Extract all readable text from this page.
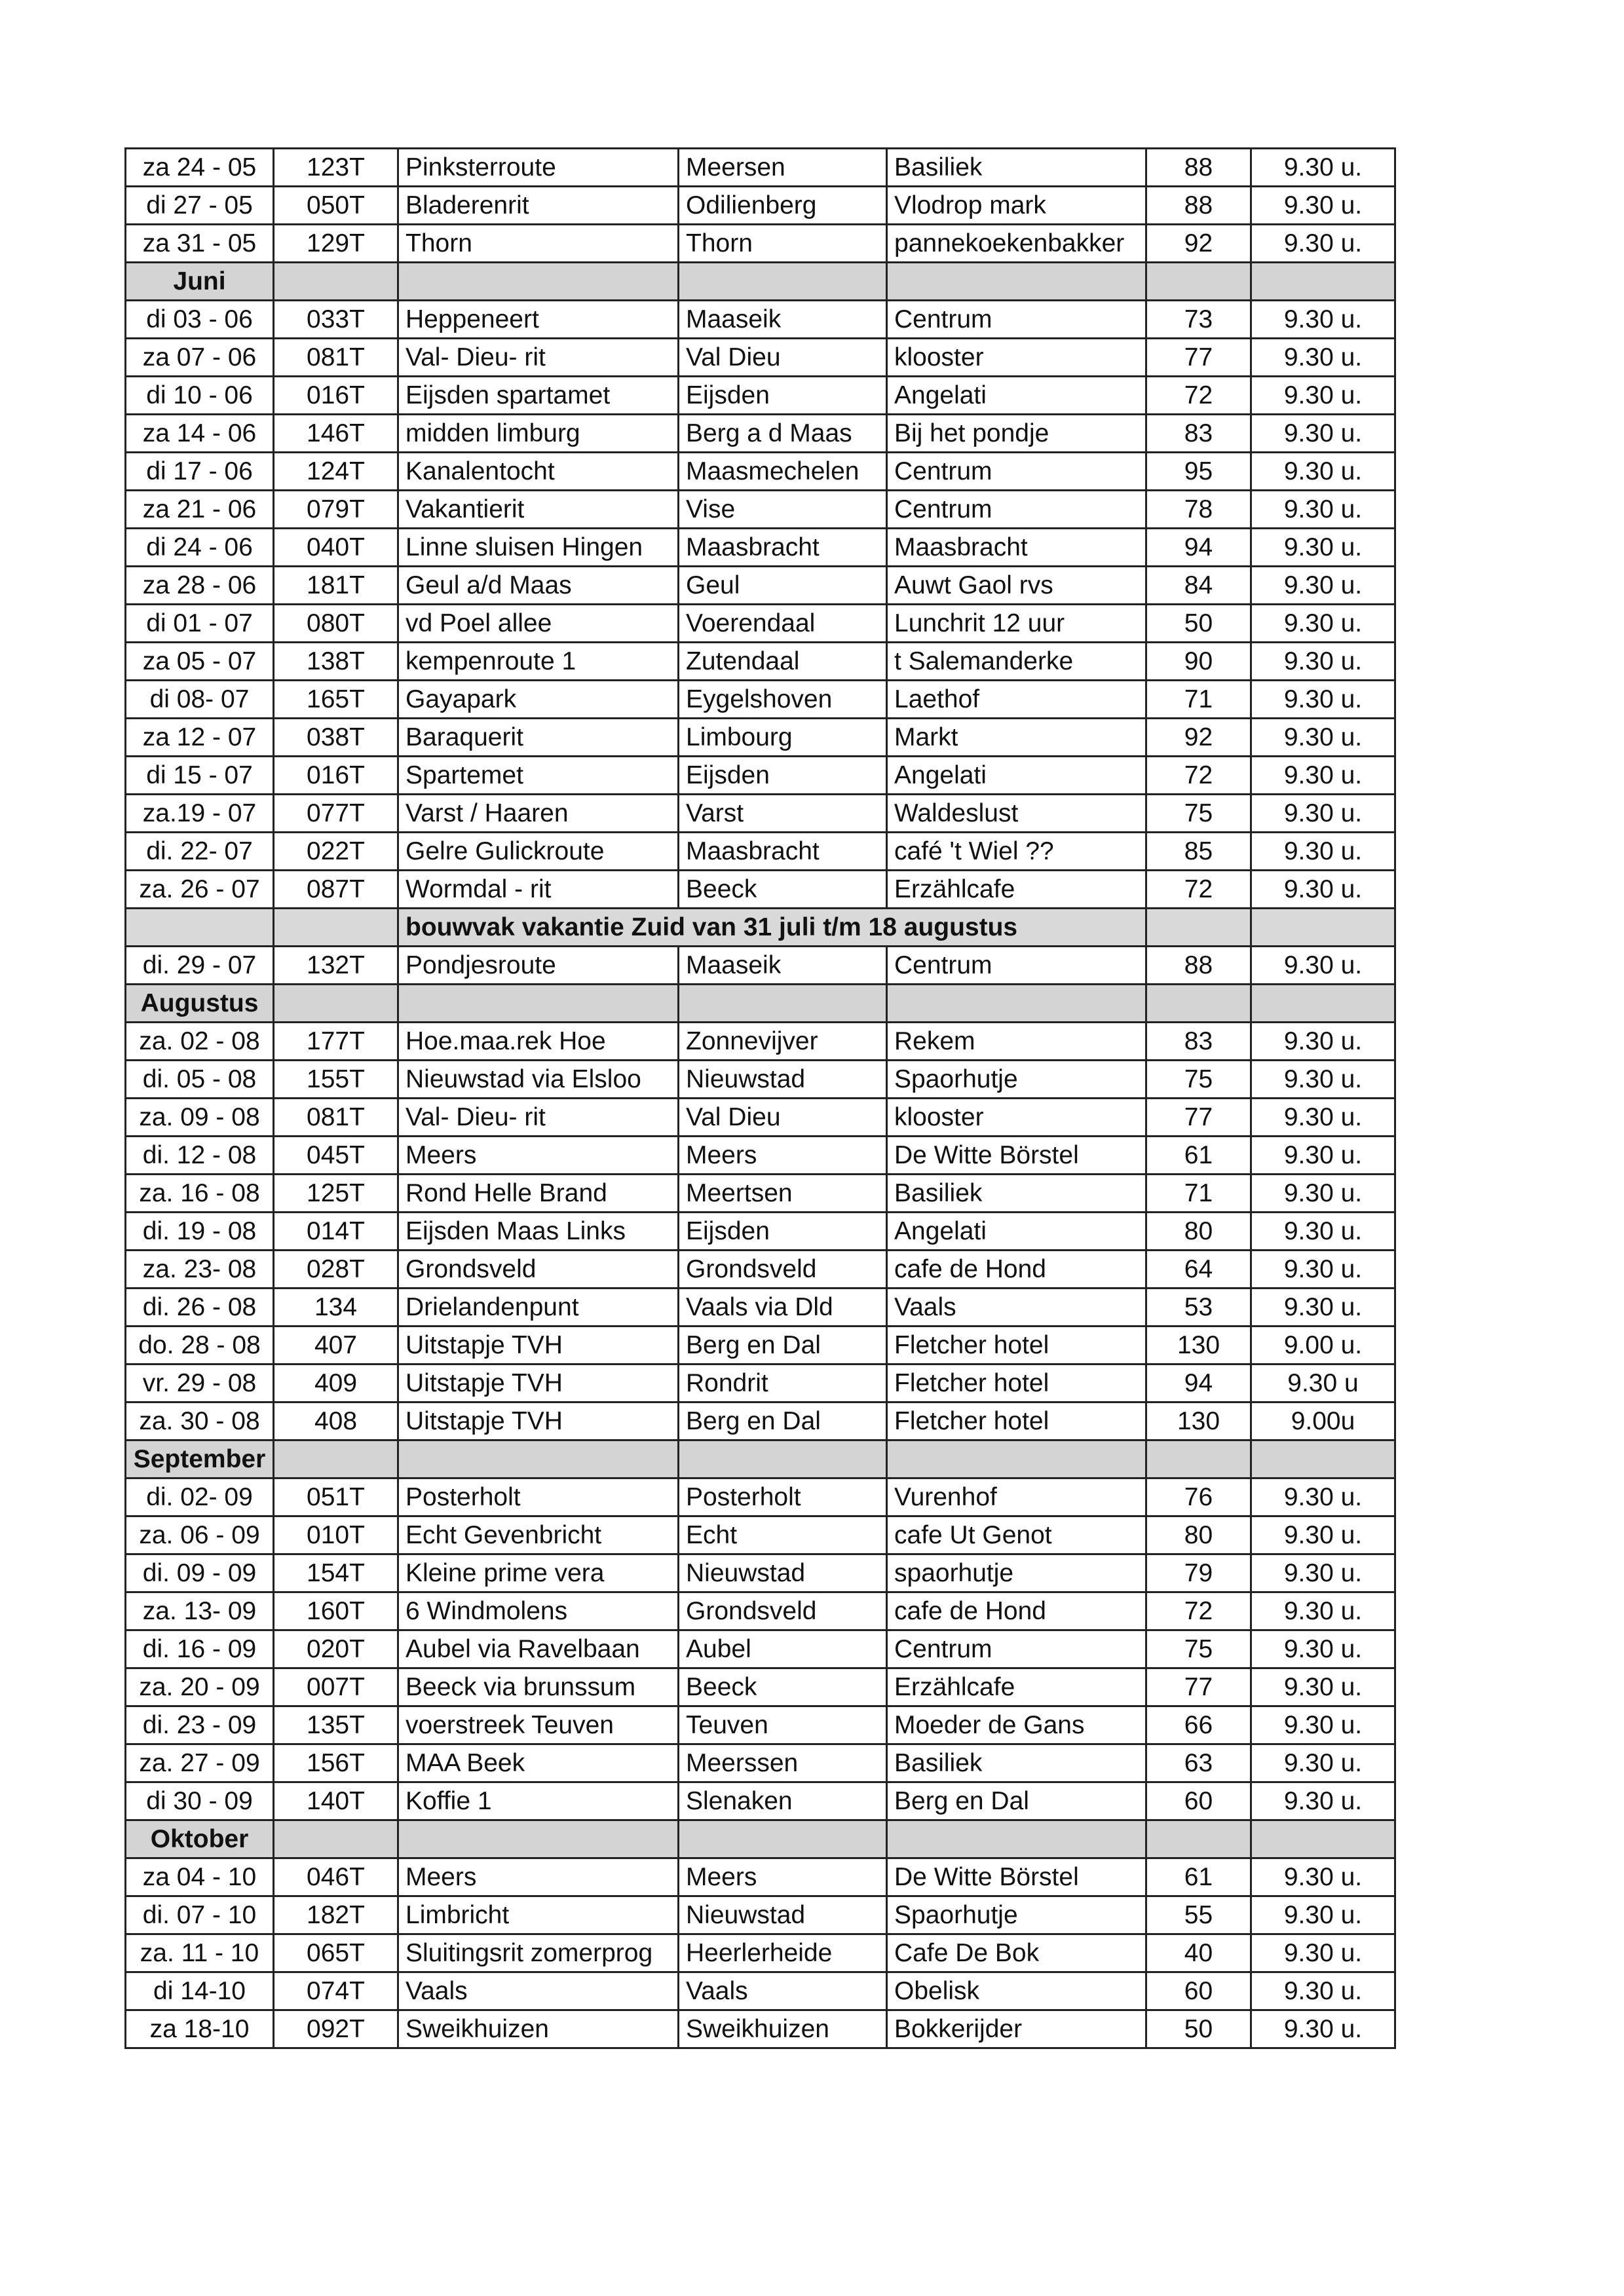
za 24 - 05	123T	Pinksterroute	Meersen	Basiliek	88	9.30 u.
di 27 - 05	050T	Bladerenrit	Odilienberg	Vlodrop mark	88	9.30 u.
za 31 - 05	129T	Thorn	Thorn	pannekoekenbakker	92	9.30 u.
Juni						
di 03 - 06	033T	Heppeneert	Maaseik	Centrum	73	9.30 u.
za 07 - 06	081T	Val- Dieu- rit	Val Dieu	klooster	77	9.30 u.
di 10 - 06	016T	Eijsden spartamet	Eijsden	Angelati	72	9.30 u.
za 14 - 06	146T	midden limburg	Berg a d Maas	Bij het pondje	83	9.30 u.
di 17 - 06	124T	Kanalentocht	Maasmechelen	Centrum	95	9.30 u.
za 21 - 06	079T	Vakantierit	Vise	Centrum	78	9.30 u.
di 24 - 06	040T	Linne sluisen Hingen	Maasbracht	Maasbracht	94	9.30 u.
za 28 - 06	181T	Geul a/d Maas	Geul	Auwt Gaol rvs	84	9.30 u.
di 01 - 07	080T	vd Poel allee	Voerendaal	Lunchrit 12 uur	50	9.30 u.
za 05 - 07	138T	kempenroute 1	Zutendaal	t Salemanderke	90	9.30 u.
di 08- 07	165T	Gayapark	Eygelshoven	Laethof	71	9.30 u.
za 12 - 07	038T	Baraquerit	Limbourg	Markt	92	9.30 u.
di 15 - 07	016T	Spartemet	Eijsden	Angelati	72	9.30 u.
za.19 - 07	077T	Varst / Haaren	Varst	Waldeslust	75	9.30 u.
di. 22- 07	022T	Gelre Gulickroute	Maasbracht	café 't Wiel ??	85	9.30 u.
za. 26 - 07	087T	Wormdal - rit	Beeck	Erzählcafe	72	9.30 u.
		bouwvak vakantie Zuid van 31 juli t/m 18 augustus				
di. 29 - 07	132T	Pondjesroute	Maaseik	Centrum	88	9.30 u.
Augustus						
za. 02 - 08	177T	Hoe.maa.rek Hoe	Zonnevijver	Rekem	83	9.30 u.
di. 05 - 08	155T	Nieuwstad via Elsloo	Nieuwstad	Spaorhutje	75	9.30 u.
za. 09 - 08	081T	Val- Dieu- rit	Val Dieu	klooster	77	9.30 u.
di. 12 - 08	045T	Meers	Meers	De Witte Börstel	61	9.30 u.
za. 16 - 08	125T	Rond Helle Brand	Meertsen	Basiliek	71	9.30 u.
di. 19 - 08	014T	Eijsden Maas Links	Eijsden	Angelati	80	9.30 u.
za. 23- 08	028T	Grondsveld	Grondsveld	cafe de Hond	64	9.30 u.
di. 26 - 08	134	Drielandenpunt	Vaals via Dld	Vaals	53	9.30 u.
do. 28 - 08	407	Uitstapje TVH	Berg en Dal	Fletcher hotel	130	9.00 u.
vr. 29 - 08	409	Uitstapje TVH	Rondrit	Fletcher hotel	94	9.30 u
za. 30 - 08	408	Uitstapje TVH	Berg en Dal	Fletcher hotel	130	9.00u
September						
di. 02- 09	051T	Posterholt	Posterholt	Vurenhof	76	9.30 u.
za. 06 - 09	010T	Echt Gevenbricht	Echt	cafe Ut Genot	80	9.30 u.
di. 09 - 09	154T	Kleine prime vera	Nieuwstad	spaorhutje	79	9.30 u.
za. 13- 09	160T	6 Windmolens	Grondsveld	cafe de Hond	72	9.30 u.
di. 16 - 09	020T	Aubel via Ravelbaan	Aubel	Centrum	75	9.30 u.
za. 20 - 09	007T	Beeck via brunssum	Beeck	Erzählcafe	77	9.30 u.
di. 23 - 09	135T	voerstreek Teuven	Teuven	Moeder de Gans	66	9.30 u.
za. 27 - 09	156T	MAA Beek	Meerssen	Basiliek	63	9.30 u.
di 30 - 09	140T	Koffie 1	Slenaken	Berg en Dal	60	9.30 u.
Oktober						
za 04 - 10	046T	Meers	Meers	De Witte Börstel	61	9.30 u.
di. 07 - 10	182T	Limbricht	Nieuwstad	Spaorhutje	55	9.30 u.
za. 11 - 10	065T	Sluitingsrit zomerprog	Heerlerheide	Cafe De Bok	40	9.30 u.
di 14-10	074T	Vaals	Vaals	Obelisk	60	9.30 u.
za 18-10	092T	Sweikhuizen	Sweikhuizen	Bokkerijder	50	9.30 u.
